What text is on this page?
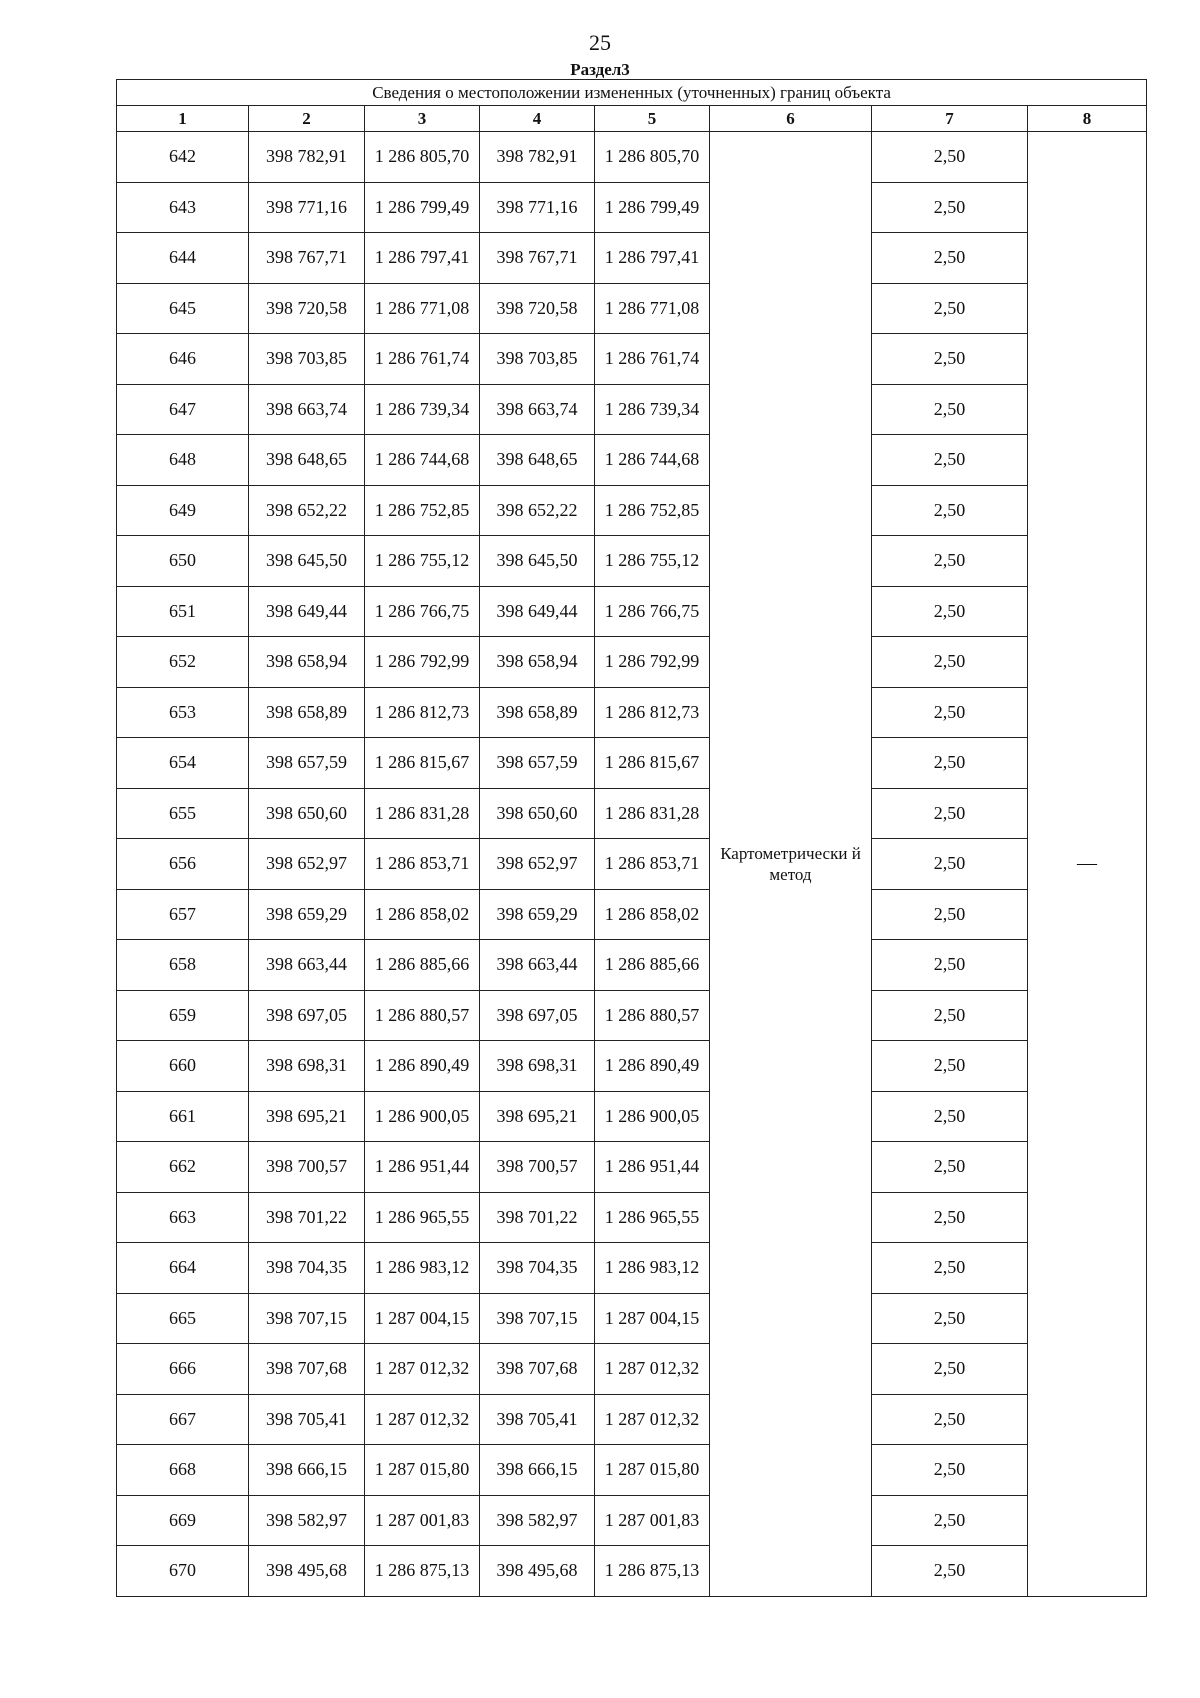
25
Раздел3
Сведения о местоположении измененных (уточненных) границ объекта							
1	2	3	4	5	6	7	8
642	398 782,91	1 286 805,70	398 782,91	1 286 805,70	Картометрически й метод	2,50	—
643	398 771,16	1 286 799,49	398 771,16	1 286 799,49		2,50	
644	398 767,71	1 286 797,41	398 767,71	1 286 797,41		2,50	
645	398 720,58	1 286 771,08	398 720,58	1 286 771,08		2,50	
646	398 703,85	1 286 761,74	398 703,85	1 286 761,74		2,50	
647	398 663,74	1 286 739,34	398 663,74	1 286 739,34		2,50	
648	398 648,65	1 286 744,68	398 648,65	1 286 744,68		2,50	
649	398 652,22	1 286 752,85	398 652,22	1 286 752,85		2,50	
650	398 645,50	1 286 755,12	398 645,50	1 286 755,12		2,50	
651	398 649,44	1 286 766,75	398 649,44	1 286 766,75		2,50	
652	398 658,94	1 286 792,99	398 658,94	1 286 792,99		2,50	
653	398 658,89	1 286 812,73	398 658,89	1 286 812,73		2,50	
654	398 657,59	1 286 815,67	398 657,59	1 286 815,67		2,50	
655	398 650,60	1 286 831,28	398 650,60	1 286 831,28		2,50	
656	398 652,97	1 286 853,71	398 652,97	1 286 853,71		2,50	
657	398 659,29	1 286 858,02	398 659,29	1 286 858,02		2,50	
658	398 663,44	1 286 885,66	398 663,44	1 286 885,66		2,50	
659	398 697,05	1 286 880,57	398 697,05	1 286 880,57		2,50	
660	398 698,31	1 286 890,49	398 698,31	1 286 890,49		2,50	
661	398 695,21	1 286 900,05	398 695,21	1 286 900,05		2,50	
662	398 700,57	1 286 951,44	398 700,57	1 286 951,44		2,50	
663	398 701,22	1 286 965,55	398 701,22	1 286 965,55		2,50	
664	398 704,35	1 286 983,12	398 704,35	1 286 983,12		2,50	
665	398 707,15	1 287 004,15	398 707,15	1 287 004,15		2,50	
666	398 707,68	1 287 012,32	398 707,68	1 287 012,32		2,50	
667	398 705,41	1 287 012,32	398 705,41	1 287 012,32		2,50	
668	398 666,15	1 287 015,80	398 666,15	1 287 015,80		2,50	
669	398 582,97	1 287 001,83	398 582,97	1 287 001,83		2,50	
670	398 495,68	1 286 875,13	398 495,68	1 286 875,13		2,50	
